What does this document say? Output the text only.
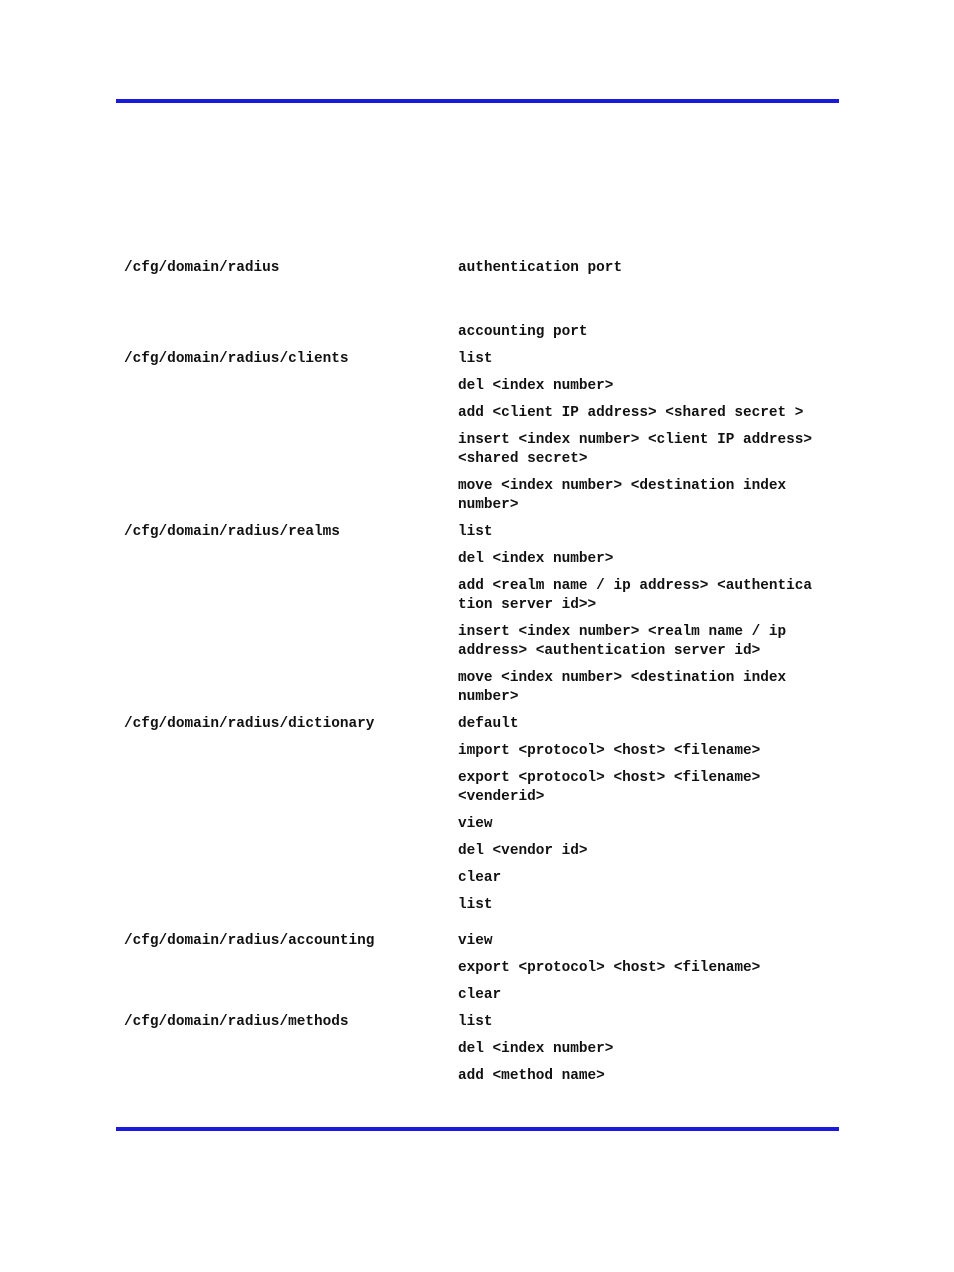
/cfg/domain/radius	authentication port
accounting port
/cfg/domain/radius/clients	list
del <index number>
add <client IP address> <shared secret >
insert <index number> <client IP address> <shared secret>
move <index number> <destination index number>
/cfg/domain/radius/realms	list
del <index number>
add <realm name / ip address> <authentica tion server id>>
insert <index number> <realm name / ip address> <authentication server id>
move <index number> <destination index number>
/cfg/domain/radius/dictionary	default
import <protocol> <host> <filename>
export <protocol> <host> <filename> <venderid>
view
del <vendor id>
clear
list
/cfg/domain/radius/accounting	view
export <protocol> <host> <filename>
clear
/cfg/domain/radius/methods	list
del <index number>
add <method name>
